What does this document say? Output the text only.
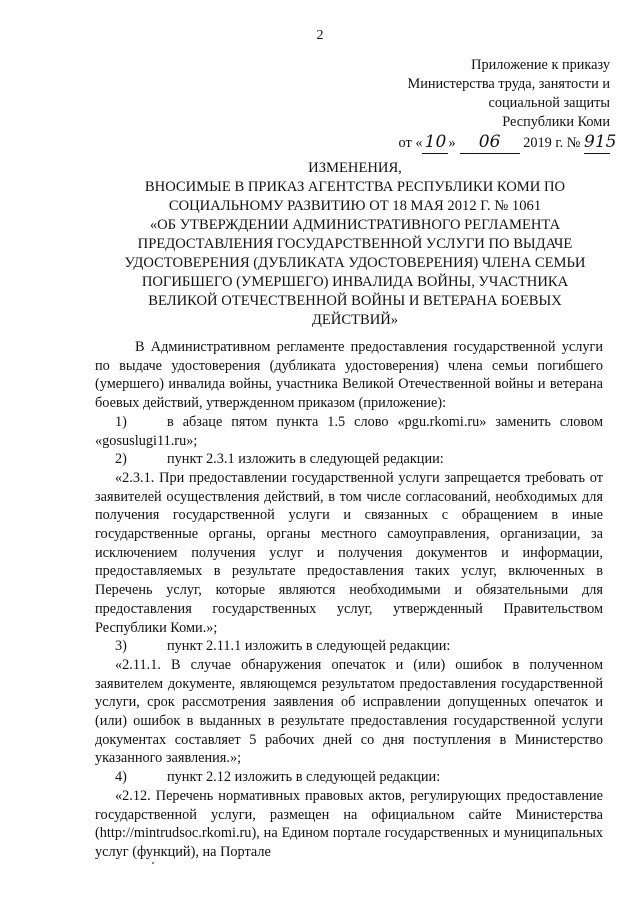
2
Приложение к приказу
Министерства труда, занятости и
социальной защиты
Республики Коми
от « 10 » 06 2019 г. № 915
ИЗМЕНЕНИЯ,
ВНОСИМЫЕ В ПРИКАЗ АГЕНТСТВА РЕСПУБЛИКИ КОМИ ПО
СОЦИАЛЬНОМУ РАЗВИТИЮ ОТ 18 МАЯ 2012 Г. № 1061
«ОБ УТВЕРЖДЕНИИ АДМИНИСТРАТИВНОГО РЕГЛАМЕНТА
ПРЕДОСТАВЛЕНИЯ ГОСУДАРСТВЕННОЙ УСЛУГИ ПО ВЫДАЧЕ
УДОСТОВЕРЕНИЯ (ДУБЛИКАТА УДОСТОВЕРЕНИЯ) ЧЛЕНА СЕМЬИ
ПОГИБШЕГО (УМЕРШЕГО) ИНВАЛИДА ВОЙНЫ, УЧАСТНИКА
ВЕЛИКОЙ ОТЕЧЕСТВЕННОЙ ВОЙНЫ И ВЕТЕРАНА БОЕВЫХ
ДЕЙСТВИЙ»

В Административном регламенте предоставления государственной услуги по выдаче удостоверения (дубликата удостоверения) члена семьи погибшего (умершего) инвалида войны, участника Великой Отечественной войны и ветерана боевых действий, утвержденном приказом (приложение):

1)	в абзаце пятом пункта 1.5 слово «pgu.rkomi.ru» заменить словом «gosuslugi11.ru»;

2)	пункт 2.3.1 изложить в следующей редакции:

«2.3.1. При предоставлении государственной услуги запрещается требовать от заявителей осуществления действий, в том числе согласований, необходимых для получения государственной услуги и связанных с обращением в иные государственные органы, органы местного самоуправления, организации, за исключением получения услуг и получения документов и информации, предоставляемых в результате предоставления таких услуг, включенных в Перечень услуг, которые являются необходимыми и обязательными для предоставления государственных услуг, утвержденный Правительством Республики Коми.»;

3)	пункт 2.11.1 изложить в следующей редакции:

«2.11.1. В случае обнаружения опечаток и (или) ошибок в полученном заявителем документе, являющемся результатом предоставления государственной услуги, срок рассмотрения заявления об исправлении допущенных опечаток и (или) ошибок в выданных в результате предоставления государственной услуги документах составляет 5 рабочих дней со дня поступления в Министерство указанного заявления.»;

4)	пункт 2.12 изложить в следующей редакции:

«2.12. Перечень нормативных правовых актов, регулирующих предоставление государственной услуги, размещен на официальном сайте Министерства (http://mintrudsoc.rkomi.ru), на Едином портале государственных и муниципальных услуг (функций), на Портале
